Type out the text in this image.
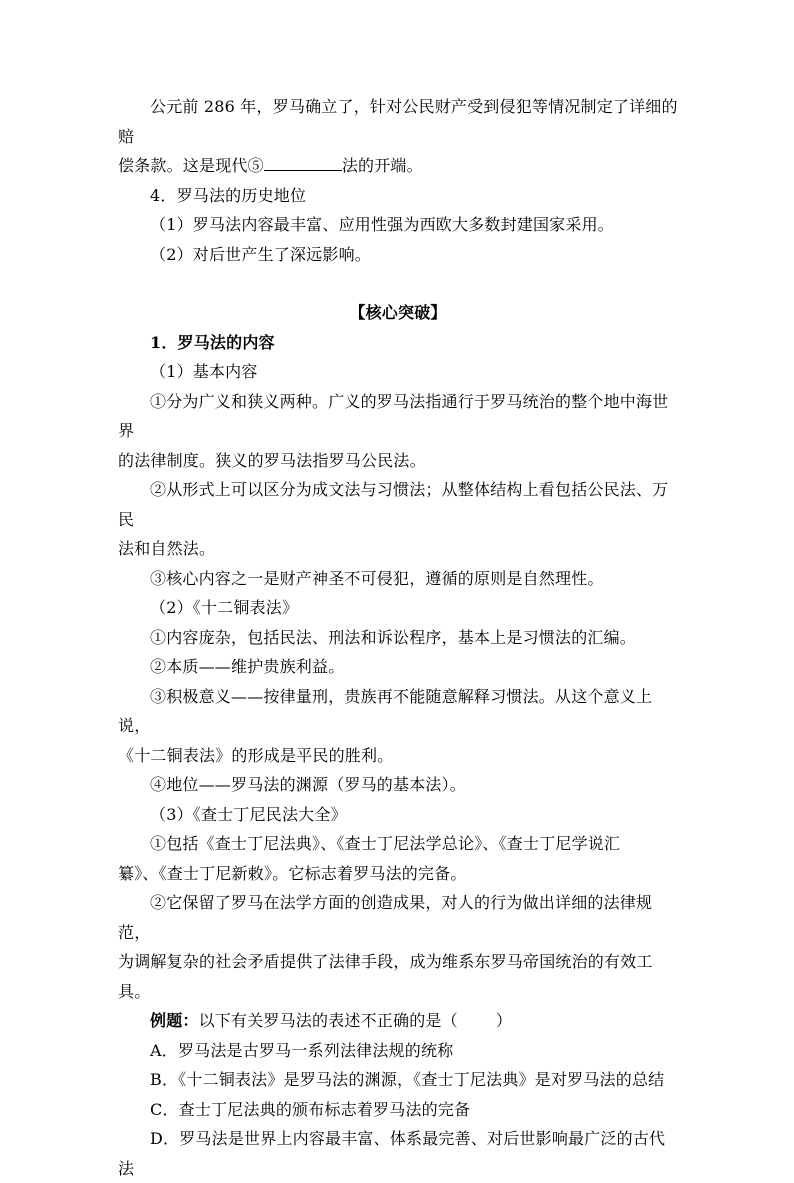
公元前 286 年，罗马确立了，针对公民财产受到侵犯等情况制定了详细的赔

偿条款。这是现代⑤	法的开端。

4．罗马法的历史地位

（1）罗马法内容最丰富、应用性强为西欧大多数封建国家采用。

（2）对后世产生了深远影响。

【核心突破】

1．罗马法的内容

（1）基本内容

①分为广义和狭义两种。广义的罗马法指通行于罗马统治的整个地中海世界

的法律制度。狭义的罗马法指罗马公民法。

②从形式上可以区分为成文法与习惯法；从整体结构上看包括公民法、万民

法和自然法。

③核心内容之一是财产神圣不可侵犯，遵循的原则是自然理性。

（2）《十二铜表法》

①内容庞杂，包括民法、刑法和诉讼程序，基本上是习惯法的汇编。

②本质——维护贵族利益。

③积极意义——按律量刑，贵族再不能随意解释习惯法。从这个意义上说，

《十二铜表法》的形成是平民的胜利。

④地位——罗马法的渊源（罗马的基本法）。

（3）《查士丁尼民法大全》

①包括《查士丁尼法典》、《查士丁尼法学总论》、《查士丁尼学说汇

纂》、《查士丁尼新敕》。它标志着罗马法的完备。

②它保留了罗马在法学方面的创造成果，对人的行为做出详细的法律规范，

为调解复杂的社会矛盾提供了法律手段，成为维系东罗马帝国统治的有效工具。

例题：以下有关罗马法的表述不正确的是（ ）

A．罗马法是古罗马一系列法律法规的统称

B．《十二铜表法》是罗马法的渊源，《查士丁尼法典》是对罗马法的总结

C．查士丁尼法典的颁布标志着罗马法的完备

D．罗马法是世界上内容最丰富、体系最完善、对后世影响最广泛的古代法
